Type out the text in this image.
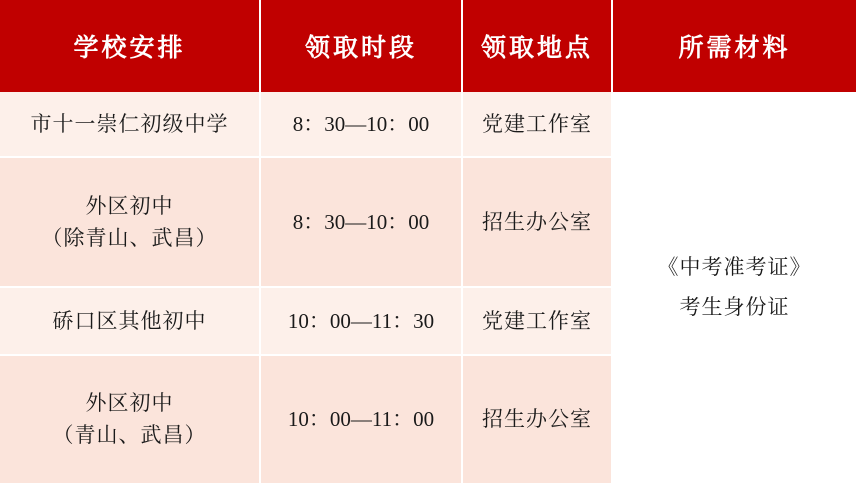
学校安排	领取时段	领取地点	所需材料

市十一崇仁初级中学	8：30—10：00	党建工作室	《中考准考证》
考生身份证

外区初中
（除青山、武昌）	8：30—10：00	招生办公室	

硚口区其他初中	10：00—11：30	党建工作室	

外区初中
（青山、武昌）	10：00—11：00	招生办公室	
